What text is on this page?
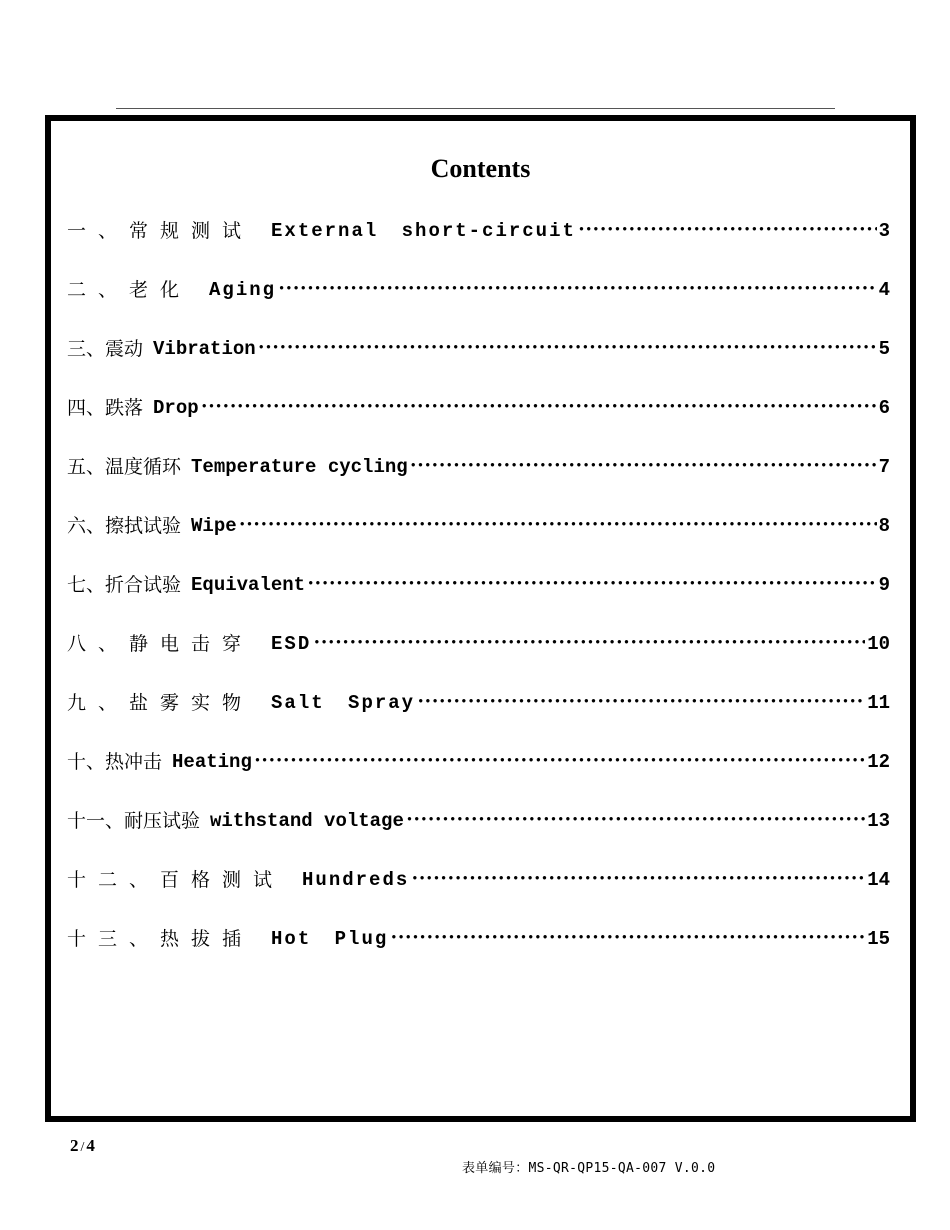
Contents
一、 常规测试 External short-circuit •••••	3
二、 老化 Aging •••••	4
三、 震动 Vibration •••••	5
四、 跌落 Drop •••••	6
五、 温度循环 Temperature cycling •••••	7
六、 擦拭试验 Wipe •••••	8
七、 折合试验 Equivalent •••••	9
八、 静电击穿 ESD •••••	10
九、 盐雾实物 Salt Spray •••••	11
十、 热冲击 Heating •••••	12
十一、 耐压试验 withstand voltage •••••	13
十二、 百格测试 Hundreds •••••	14
十三、 热拔插 Hot Plug •••••	15
2 / 4
表单编号：MS-QR-QP15-QA-007 V.0.0
